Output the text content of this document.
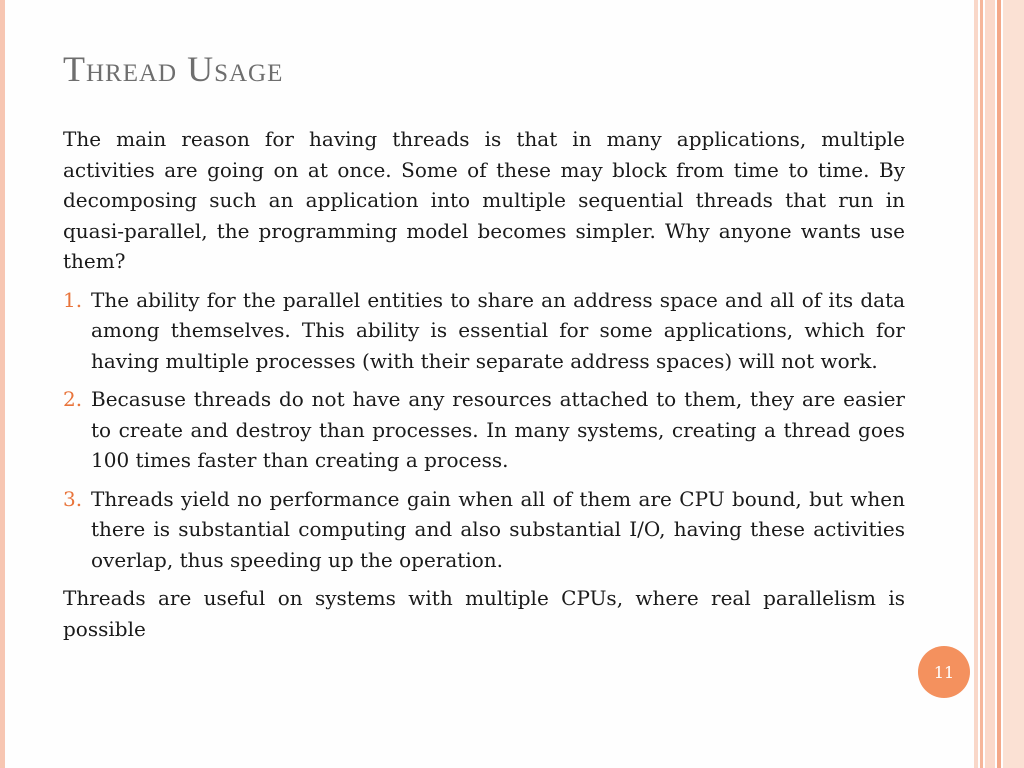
Thread Usage

The main reason for having threads is that in many applications, multiple activities are going on at once. Some of these may block from time to time. By decomposing such an application into multiple sequential threads that run in quasi-parallel, the programming model becomes simpler. Why anyone wants use them?

1. The ability for the parallel entities to share an address space and all of its data among themselves. This ability is essential for some applications, which for having multiple processes (with their separate address spaces) will not work.
2. Becasuse threads do not have any resources attached to them, they are easier to create and destroy than processes. In many systems, creating a thread goes 100 times faster than creating a process.
3. Threads yield no performance gain when all of them are CPU bound, but when there is substantial computing and also substantial I/O, having these activities overlap, thus speeding up the operation.

Threads are useful on systems with multiple CPUs, where real parallelism is possible

11
